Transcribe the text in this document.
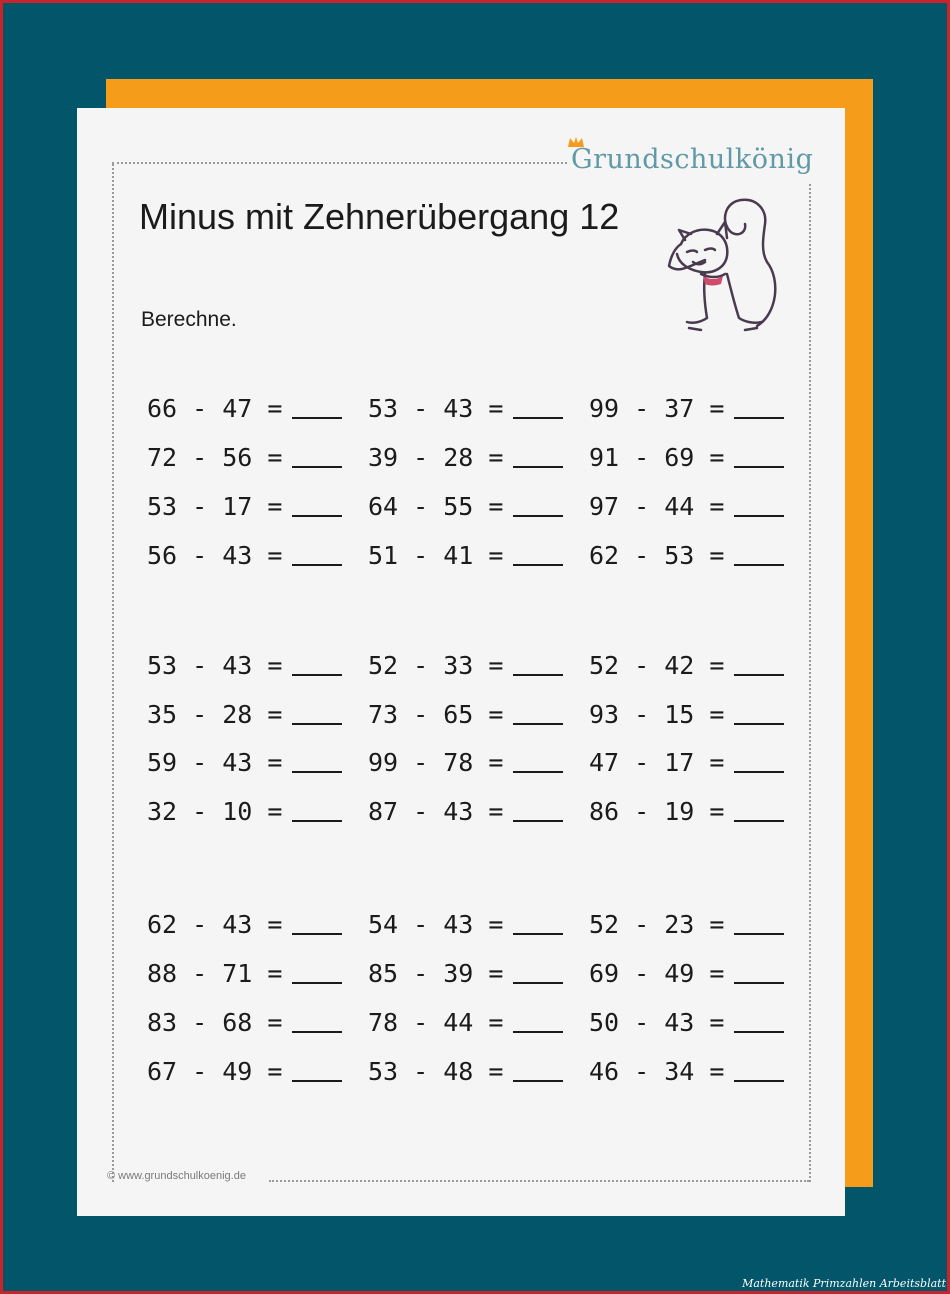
Grundschulkönig
Minus mit Zehnerübergang 12
Berechne.
66 - 47 =	53 - 43 =	99 - 37 =
72 - 56 =	39 - 28 =	91 - 69 =
53 - 17 =	64 - 55 =	97 - 44 =
56 - 43 =	51 - 41 =	62 - 53 =
53 - 43 =	52 - 33 =	52 - 42 =
35 - 28 =	73 - 65 =	93 - 15 =
59 - 43 =	99 - 78 =	47 - 17 =
32 - 10 =	87 - 43 =	86 - 19 =
62 - 43 =	54 - 43 =	52 - 23 =
88 - 71 =	85 - 39 =	69 - 49 =
83 - 68 =	78 - 44 =	50 - 43 =
67 - 49 =	53 - 48 =	46 - 34 =
© www.grundschulkoenig.de
Mathematik Primzahlen Arbeitsblatt
